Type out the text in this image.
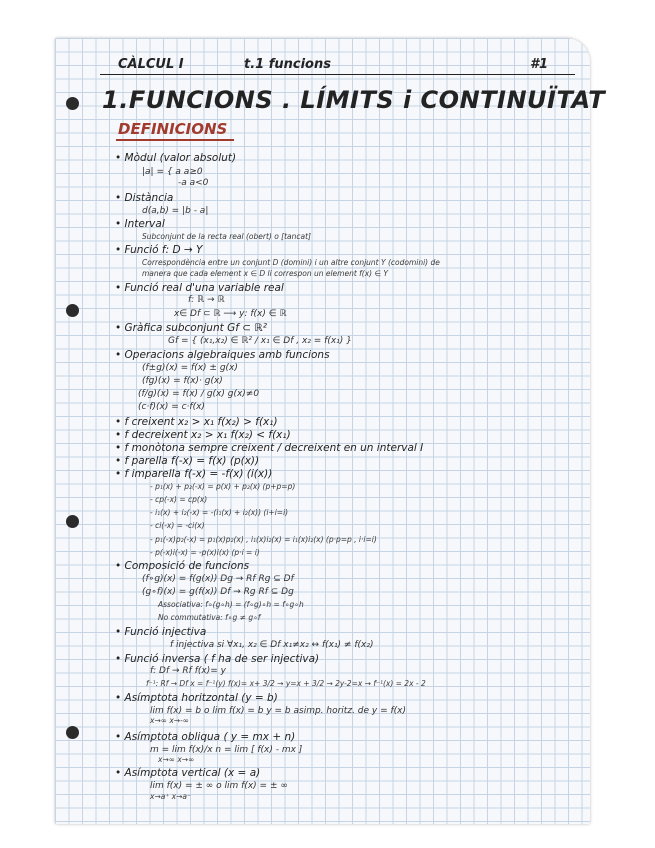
CÀLCUL I	t.1 funcions	#1
1.FUNCIONS . LÍMITS i CONTINUÏTAT
DEFINICIONS
• Mòdul (valor absolut)
|a| = { a a≥0
-a a<0
• Distància
d(a,b) = |b - a|
• Interval
Subconjunt de la recta real (obert) o [tancat]
• Funció f: D → Y
Correspondència entre un conjunt D (domini) i un altre conjunt Y (codomini) de
manera que cada element x ∈ D li correspon un element f(x) ∈ Y
• Funció real d'una variable real
f: ℝ → ℝ
x∈ Df ⊂ ℝ ⟶ y: f(x) ∈ ℝ
• Gràfica subconjunt Gf ⊂ ℝ²
Gf = { (x₁,x₂) ∈ ℝ² / x₁ ∈ Df , x₂ = f(x₁) }
• Operacions algebraiques amb funcions
(f±g)(x) = f(x) ± g(x)
(fg)(x) = f(x)· g(x)
(f/g)(x) = f(x) / g(x) g(x)≠0
(c·f)(x) = c·f(x)
• f creixent x₂ > x₁ f(x₂) > f(x₁)
• f decreixent x₂ > x₁ f(x₂) < f(x₁)
• f monòtona sempre creixent / decreixent en un interval I
• f parella f(-x) = f(x) (p(x))
• f imparella f(-x) = -f(x) (i(x))
- p₁(x) + p₂(-x) = p(x) + p₂(x) (p+p=p)
- cp(-x) = cp(x)
- i₁(x) + i₂(-x) = -(i₁(x) + i₂(x)) (i+i=i)
- ci(-x) = -ci(x)
- p₁(-x)p₂(-x) = p₁(x)p₂(x) , i₁(x)i₂(x) = i₁(x)i₂(x) (p·p=p , i·i=i)
- p(-x)i(-x) = -p(x)i(x) (p·i = i)
• Composició de funcions
(f∘g)(x) = f(g(x)) Dg → Rf Rg ⊆ Df
(g∘f)(x) = g(f(x)) Df → Rg Rf ⊆ Dg
Associativa: f∘(g∘h) = (f∘g)∘h = f∘g∘h
No commutativa: f∘g ≠ g∘f
• Funció injectiva
f injectiva si ∀x₁, x₂ ∈ Df x₁≠x₂ ↔ f(x₁) ≠ f(x₂)
• Funció inversa ( f ha de ser injectiva)
f: Df → Rf f(x)= y
f⁻¹: Rf → Df x = f⁻¹(y) f(x)= x+ 3/2 → y=x + 3/2 → 2y-2=x → f⁻¹(x) = 2x - 2
• Asímptota horitzontal (y = b)
lim f(x) = b o lim f(x) = b y = b asimp. horitz. de y = f(x)
x→∞ x→-∞
• Asímptota obliqua ( y = mx + n)
m = lim f(x)/x n = lim [ f(x) - mx ]
x→∞ x→∞
• Asímptota vertical (x = a)
lim f(x) = ± ∞ o lim f(x) = ± ∞
x→a⁺ x→a⁻
